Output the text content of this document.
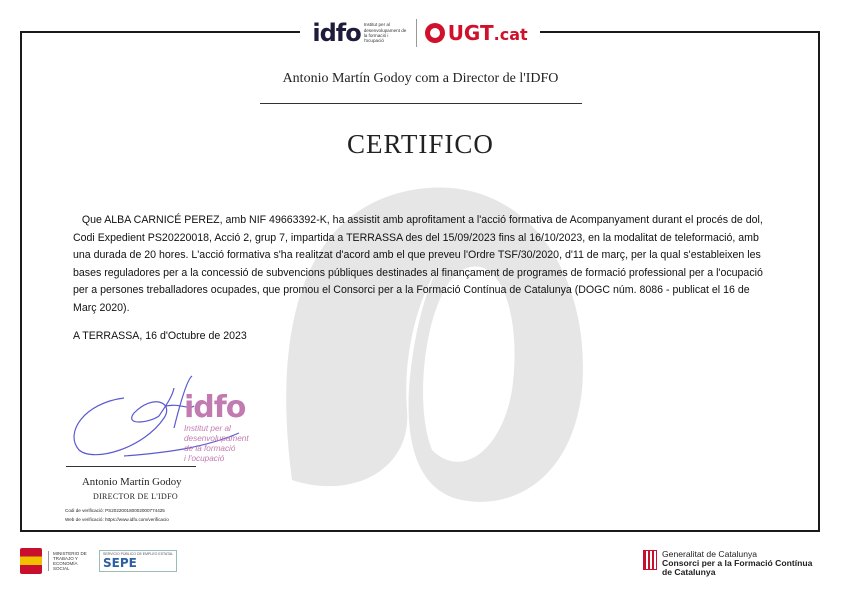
idfo Institut per al desenvolupament de la formació i l'ocupació	UGT.cat
Antonio Martín Godoy com a Director de l'IDFO
CERTIFICO
Que ALBA CARNICÉ PEREZ, amb NIF 49663392-K, ha assistit amb aprofitament a l'acció formativa de Acompanyament durant el procés de dol, Codi Expedient PS20220018, Acció 2, grup 7, impartida a TERRASSA des del 15/09/2023 fins al 16/10/2023, en la modalitat de teleformació, amb una durada de 20 hores. L'acció formativa s'ha realitzat d'acord amb el que preveu l'Ordre TSF/30/2020, d'11 de març, per la qual s'estableixen les bases reguladores per a la concessió de subvencions públiques destinades al finançament de programes de formació professional per a l'ocupació per a persones treballadores ocupades, que promou el Consorci per a la Formació Contínua de Catalunya (DOGC núm. 8086 - publicat el 16 de Març 2020).
A TERRASSA, 16 d'Octubre de 2023
idfo
Institut per al
desenvolupament
de la formació
i l'ocupació
Antonio Martín Godoy
DIRECTOR DE L'IDFO
Codi de verificació: PS202200180002000774425
Web de verificació: https://www.idfo.com/verificacio
MINISTERIO DE TRABAJO Y ECONOMÍA SOCIAL
SERVICIO PÚBLICO DE EMPLEO ESTATAL
SEPE
Generalitat de Catalunya
Consorci per a la Formació Contínua
de Catalunya
